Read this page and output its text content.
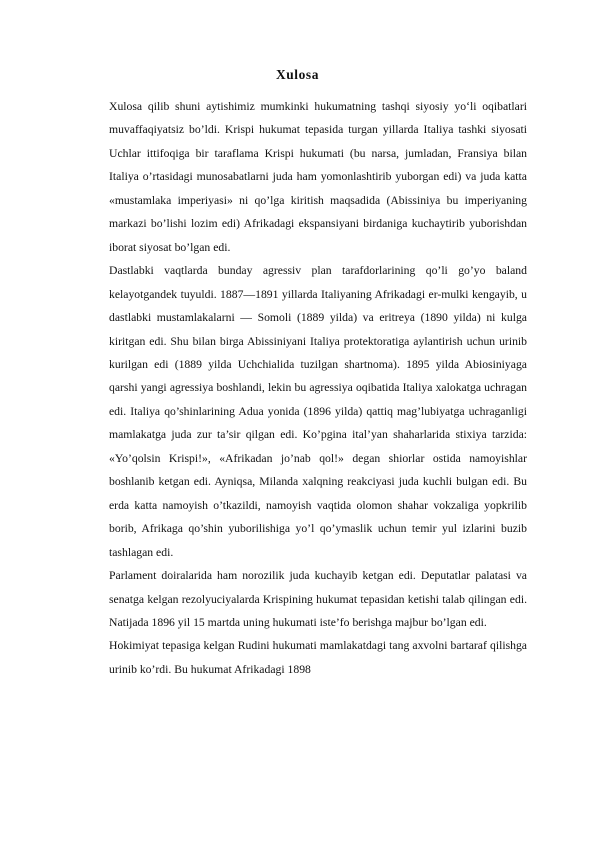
Xulosa

Xulosa qilib shuni aytishimiz mumkinki hukumatning tashqi siyosiy yo‘li oqibatlari muvaffaqiyatsiz bo’ldi. Krispi hukumat tepasida turgan yillarda Italiya tashki siyosati Uchlar ittifoqiga bir taraflama Krispi hukumati (bu narsa, jumladan, Fransiya bilan Italiya o’rtasidagi munosabatlarni juda ham yomonlashtirib yuborgan edi) va juda katta «mustamlaka imperiyasi» ni qo’lga kiritish maqsadida (Abissiniya bu imperiyaning markazi bo’lishi lozim edi) Afrikadagi ekspansiyani birdaniga kuchaytirib yuborishdan iborat siyosat bo’lgan edi.

Dastlabki vaqtlarda bunday agressiv plan tarafdorlarining qo’li go’yo baland kelayotgandek tuyuldi. 1887—1891 yillarda Italiyaning Afrikadagi er-mulki kengayib, u dastlabki mustamlakalarni — Somoli (1889 yilda) va eritreya (1890 yilda) ni kulga kiritgan edi. Shu bilan birga Abissiniyani Italiya protektoratiga aylantirish uchun urinib kurilgan edi (1889 yilda Uchchialida tuzilgan shartnoma). 1895 yilda Abiosiniyaga qarshi yangi agressiya boshlandi, lekin bu agressiya oqibatida Italiya xalokatga uchragan edi. Italiya qo’shinlarining Adua yonida (1896 yilda) qattiq mag’lubiyatga uchraganligi mamlakatga juda zur ta’sir qilgan edi. Ko’pgina ital’yan shaharlarida stixiya tarzida: «Yo’qolsin Krispi!», «Afrikadan jo’nab qol!» degan shiorlar ostida namoyishlar boshlanib ketgan edi. Ayniqsa, Milanda xalqning reakciyasi juda kuchli bulgan edi. Bu erda katta namoyish o’tkazildi, namoyish vaqtida olomon shahar vokzaliga yopkrilib borib, Afrikaga qo’shin yuborilishiga yo’l qo’ymaslik uchun temir yul izlarini buzib tashlagan edi.

Parlament doiralarida ham norozilik juda kuchayib ketgan edi. Deputatlar palatasi va senatga kelgan rezolyuciyalarda Krispining hukumat tepasidan ketishi talab qilingan edi. Natijada 1896 yil 15 martda uning hukumati iste’fo berishga majbur bo’lgan edi.

Hokimiyat tepasiga kelgan Rudini hukumati mamlakatdagi tang axvolni bartaraf qilishga urinib ko’rdi. Bu hukumat Afrikadagi 1898
